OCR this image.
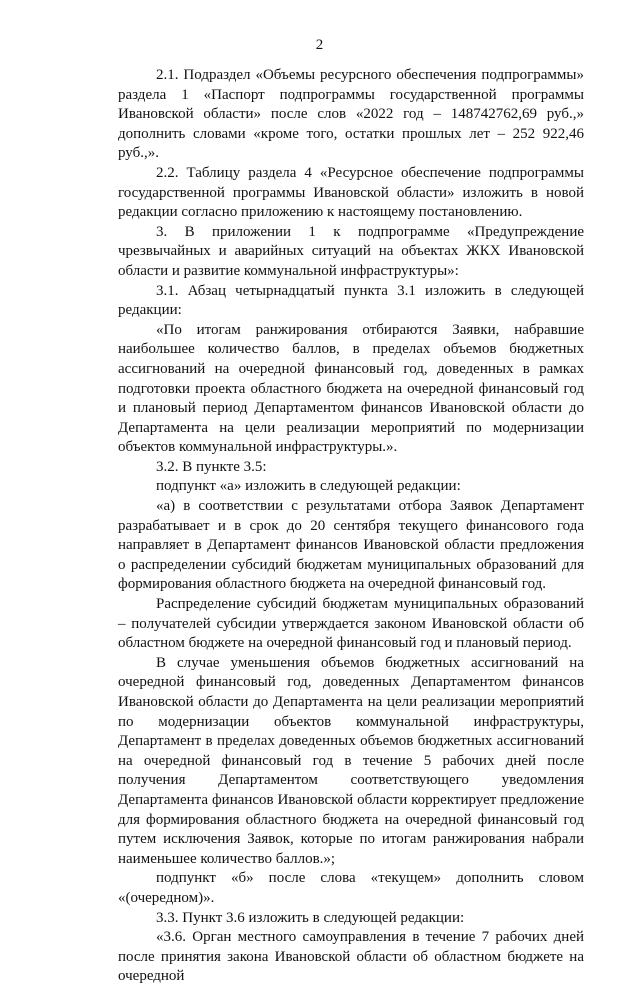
2

2.1. Подраздел «Объемы ресурсного обеспечения подпрограммы» раздела 1 «Паспорт подпрограммы государственной программы Ивановской области» после слов «2022 год – 148742762,69 руб.,» дополнить словами «кроме того, остатки прошлых лет – 252 922,46 руб.,».

2.2. Таблицу раздела 4 «Ресурсное обеспечение подпрограммы государственной программы Ивановской области» изложить в новой редакции согласно приложению к настоящему постановлению.

3. В приложении 1 к подпрограмме «Предупреждение чрезвычайных и аварийных ситуаций на объектах ЖКХ Ивановской области и развитие коммунальной инфраструктуры»:

3.1. Абзац четырнадцатый пункта 3.1 изложить в следующей редакции:

«По итогам ранжирования отбираются Заявки, набравшие наибольшее количество баллов, в пределах объемов бюджетных ассигнований на очередной финансовый год, доведенных в рамках подготовки проекта областного бюджета на очередной финансовый год и плановый период Департаментом финансов Ивановской области до Департамента на цели реализации мероприятий по модернизации объектов коммунальной инфраструктуры.».

3.2. В пункте 3.5:

подпункт «а» изложить в следующей редакции:

«а) в соответствии с результатами отбора Заявок Департамент разрабатывает и в срок до 20 сентября текущего финансового года направляет в Департамент финансов Ивановской области предложения о распределении субсидий бюджетам муниципальных образований для формирования областного бюджета на очередной финансовый год.

Распределение субсидий бюджетам муниципальных образований – получателей субсидии утверждается законом Ивановской области об областном бюджете на очередной финансовый год и плановый период.

В случае уменьшения объемов бюджетных ассигнований на очередной финансовый год, доведенных Департаментом финансов Ивановской области до Департамента на цели реализации мероприятий по модернизации объектов коммунальной инфраструктуры, Департамент в пределах доведенных объемов бюджетных ассигнований на очередной финансовый год в течение 5 рабочих дней после получения Департаментом соответствующего уведомления Департамента финансов Ивановской области корректирует предложение для формирования областного бюджета на очередной финансовый год путем исключения Заявок, которые по итогам ранжирования набрали наименьшее количество баллов.»;

подпункт «б» после слова «текущем» дополнить словом «(очередном)».

3.3. Пункт 3.6 изложить в следующей редакции:

«3.6. Орган местного самоуправления в течение 7 рабочих дней после принятия закона Ивановской области об областном бюджете на очередной
